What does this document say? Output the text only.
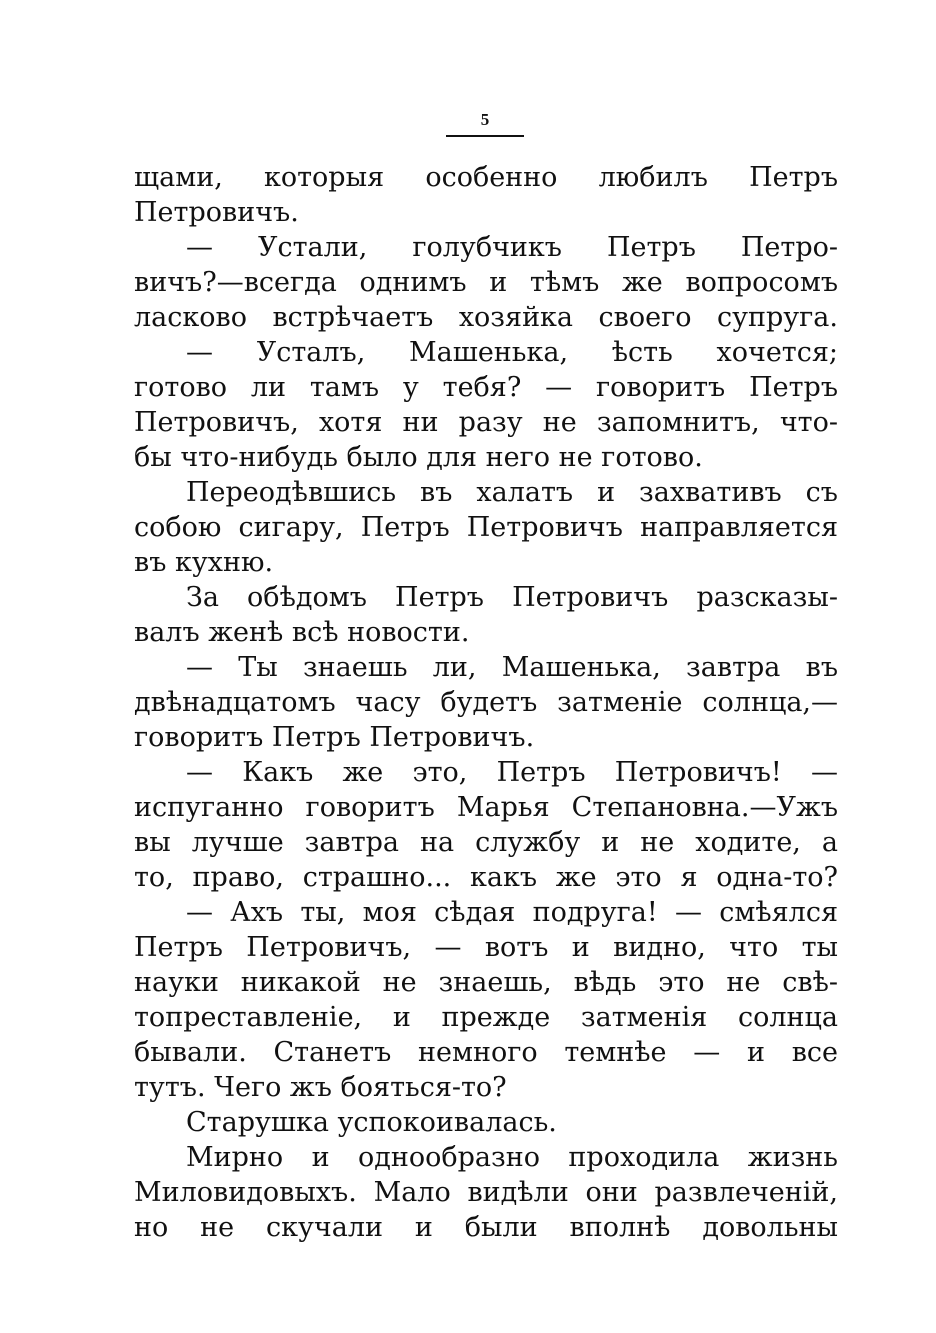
5
щами, которыя особенно любилъ Петръ
Петровичъ.
— Устали, голубчикъ Петръ Петро-
вичъ?—всегда однимъ и тѣмъ же вопросомъ
ласково встрѣчаетъ хозяйка своего супруга.
— Усталъ, Машенька, ѣсть хочется;
готово ли тамъ у тебя? — говоритъ Петръ
Петровичъ, хотя ни разу не запомнитъ, что-
бы что-нибудь было для него не готово.
Переодѣвшись въ халатъ и захвативъ съ
собою сигару, Петръ Петровичъ направляется
въ кухню.
За обѣдомъ Петръ Петровичъ разсказы-
валъ женѣ всѣ новости.
— Ты знаешь ли, Машенька, завтра въ
двѣнадцатомъ часу будетъ затменіе солнца,—
говоритъ Петръ Петровичъ.
— Какъ же это, Петръ Петровичъ! —
испуганно говоритъ Марья Степановна.—Ужъ
вы лучше завтра на службу и не ходите, а
то, право, страшно... какъ же это я одна-то?
— Ахъ ты, моя сѣдая подруга! — смѣялся
Петръ Петровичъ, — вотъ и видно, что ты
науки никакой не знаешь, вѣдь это не свѣ-
топреставленіе, и прежде затменія солнца
бывали. Станетъ немного темнѣе — и все
тутъ. Чего жъ бояться-то?
Старушка успокоивалась.
Мирно и однообразно проходила жизнь
Миловидовыхъ. Мало видѣли они развлеченій,
но не скучали и были вполнѣ довольны
